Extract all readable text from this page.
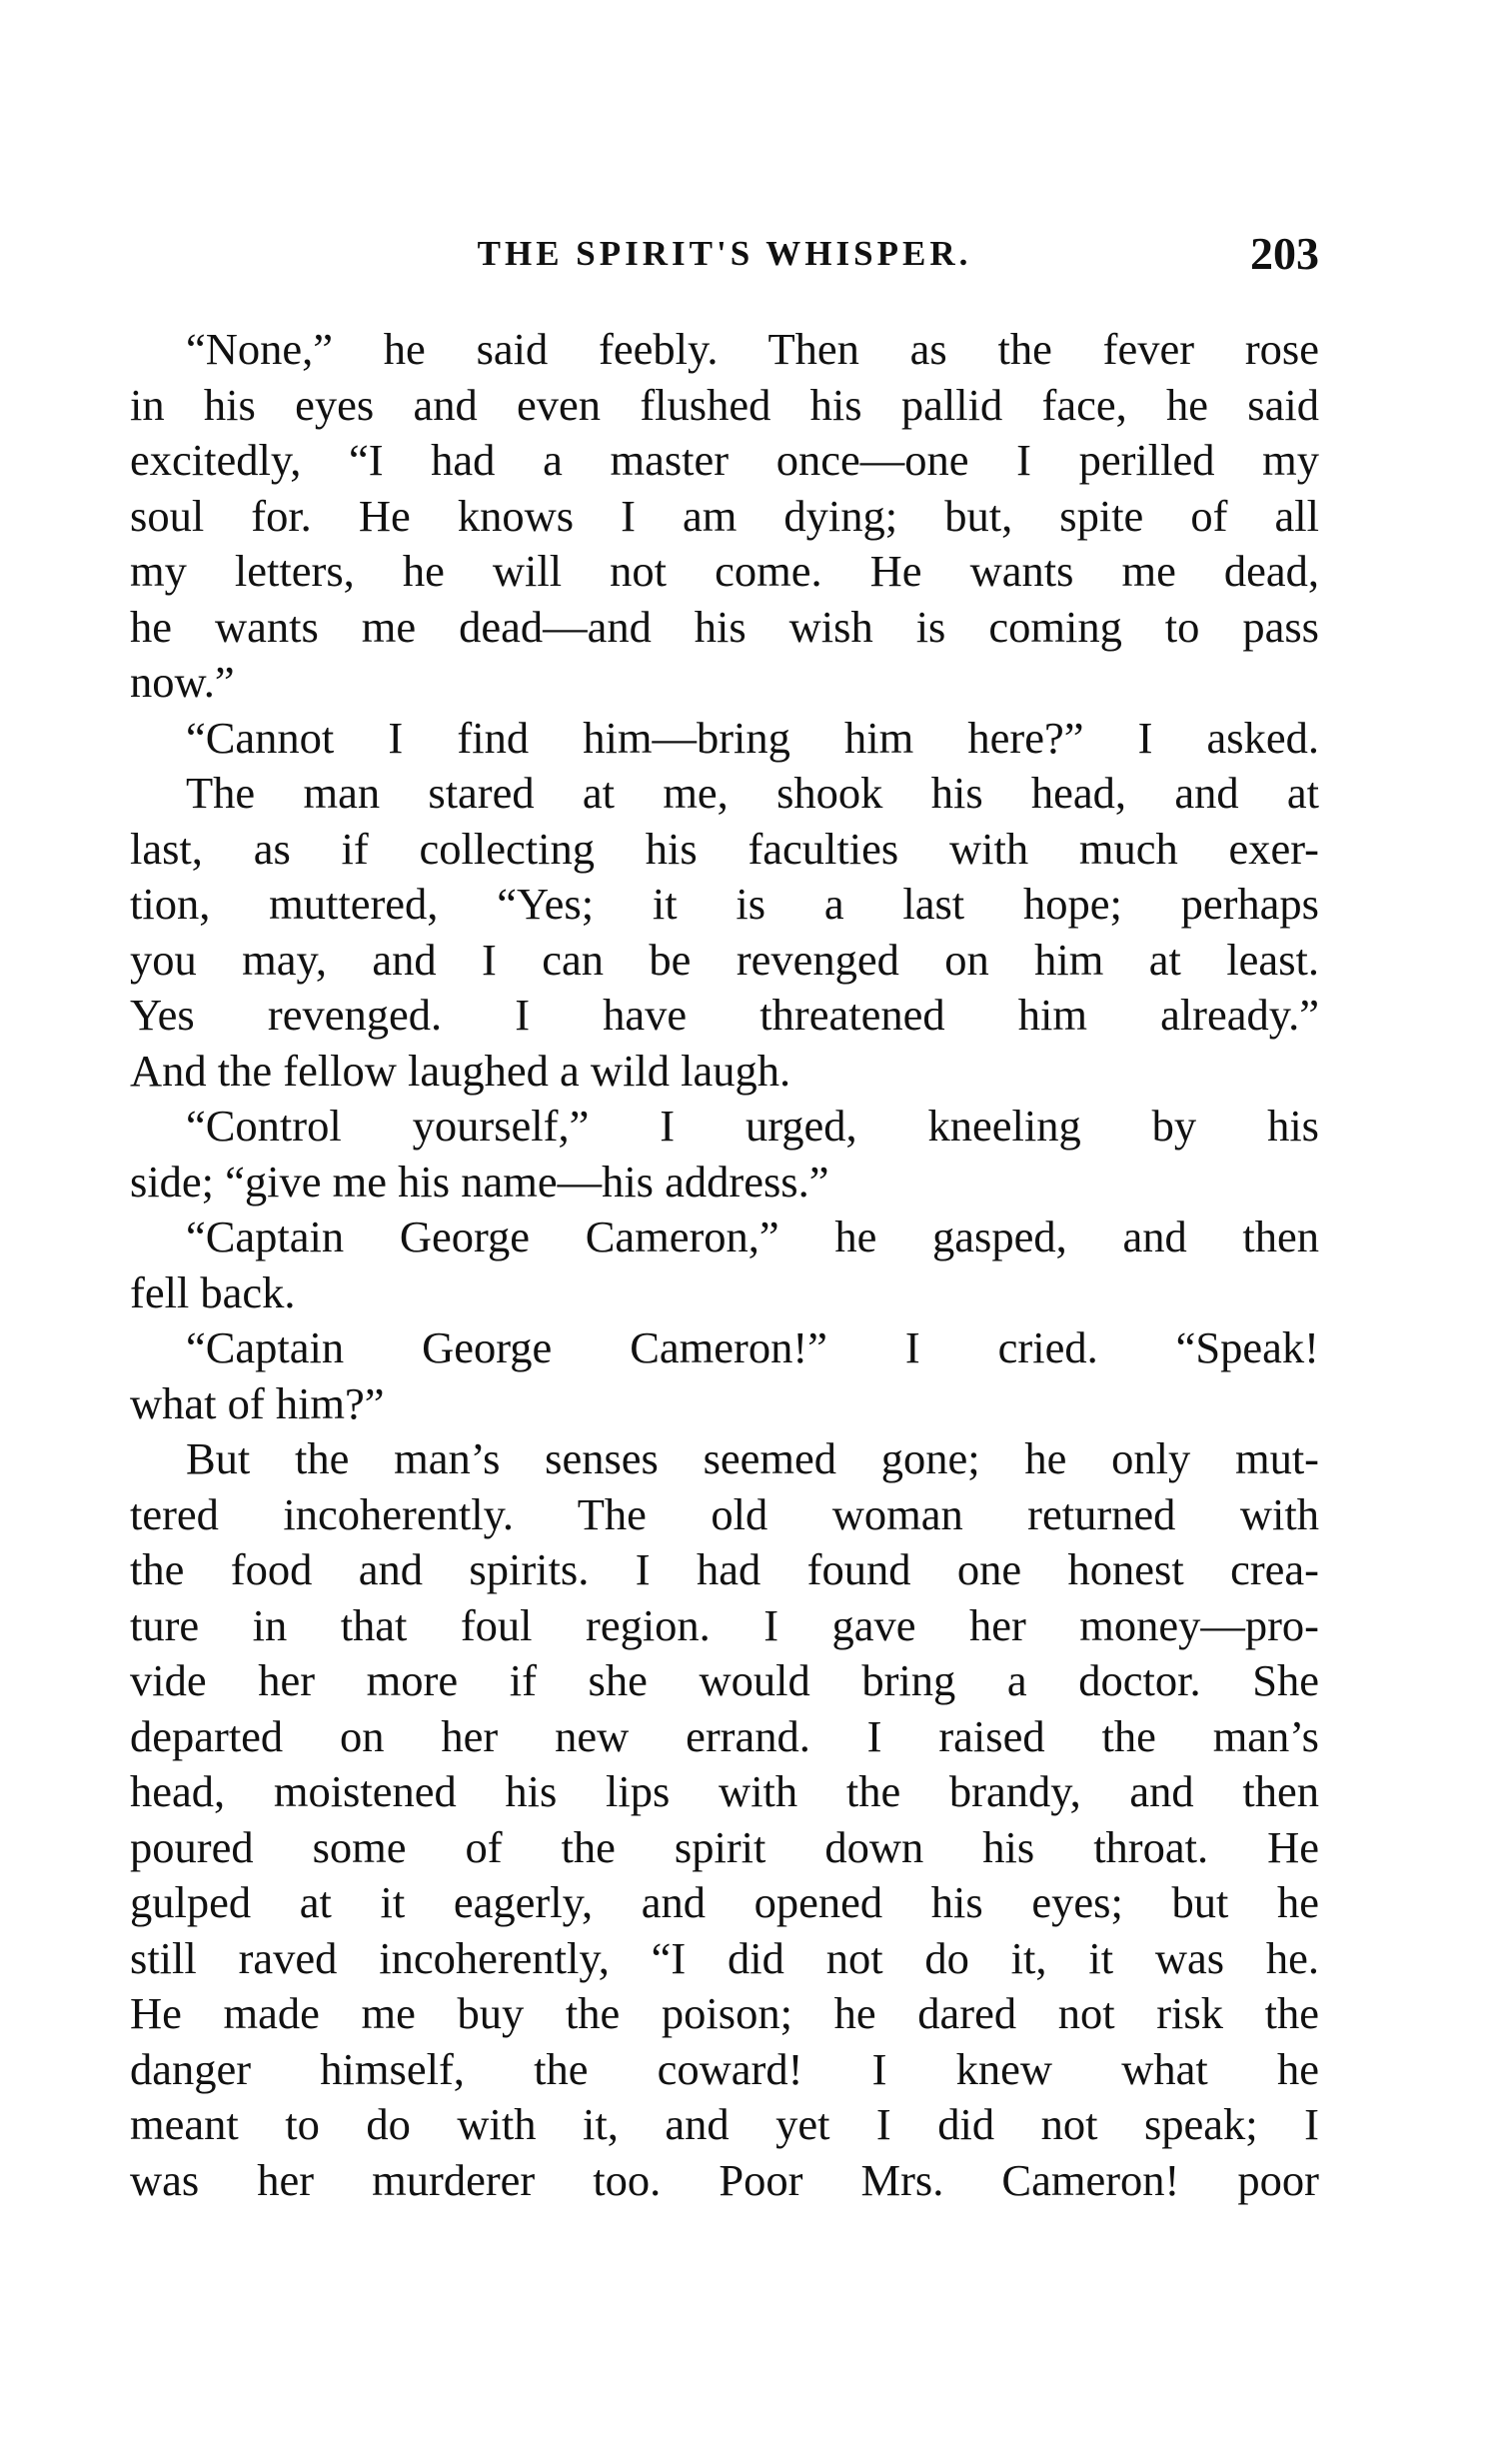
THE SPIRIT'S WHISPER.	203
“None,” he said feebly. Then as the fever rose
in his eyes and even flushed his pallid face, he said
excitedly, “I had a master once—one I perilled my
soul for. He knows I am dying; but, spite of all
my letters, he will not come. He wants me dead,
he wants me dead—and his wish is coming to pass
now.”
“Cannot I find him—bring him here?” I asked.
The man stared at me, shook his head, and at
last, as if collecting his faculties with much exer-
tion, muttered, “Yes; it is a last hope; perhaps
you may, and I can be revenged on him at least.
Yes revenged. I have threatened him already.”
And the fellow laughed a wild laugh.
“Control yourself,” I urged, kneeling by his
side; “give me his name—his address.”
“Captain George Cameron,” he gasped, and then
fell back.
“Captain George Cameron!” I cried. “Speak!
what of him?”
But the man’s senses seemed gone; he only mut-
tered incoherently. The old woman returned with
the food and spirits. I had found one honest crea-
ture in that foul region. I gave her money—pro-
vide her more if she would bring a doctor. She
departed on her new errand. I raised the man’s
head, moistened his lips with the brandy, and then
poured some of the spirit down his throat. He
gulped at it eagerly, and opened his eyes; but he
still raved incoherently, “I did not do it, it was he.
He made me buy the poison; he dared not risk the
danger himself, the coward! I knew what he
meant to do with it, and yet I did not speak; I
was her murderer too. Poor Mrs. Cameron! poor
